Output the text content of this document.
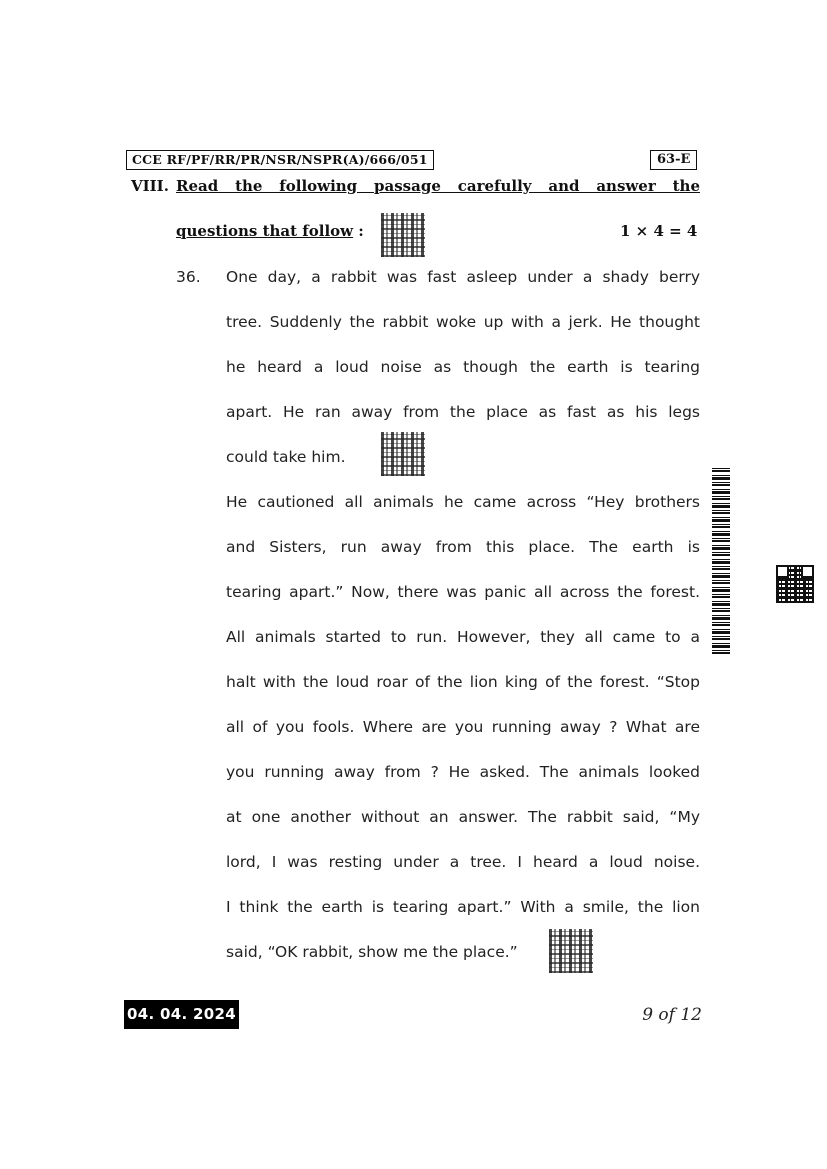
CCE RF/PF/RR/PR/NSR/NSPR(A)/666/051	63-E
VIII. Read the following passage carefully and answer the
questions that follow :	1 × 4 = 4
36. One day, a rabbit was fast asleep under a shady berry
tree. Suddenly the rabbit woke up with a jerk. He thought
he heard a loud noise as though the earth is tearing
apart. He ran away from the place as fast as his legs
could take him.
He cautioned all animals he came across “Hey brothers
and Sisters, run away from this place. The earth is
tearing apart.” Now, there was panic all across the forest.
All animals started to run. However, they all came to a
halt with the loud roar of the lion king of the forest. “Stop
all of you fools. Where are you running away ? What are
you running away from ? He asked. The animals looked
at one another without an answer. The rabbit said, “My
lord, I was resting under a tree. I heard a loud noise.
I think the earth is tearing apart.” With a smile, the lion
said, “OK rabbit, show me the place.”
04. 04. 2024	9 of 12
